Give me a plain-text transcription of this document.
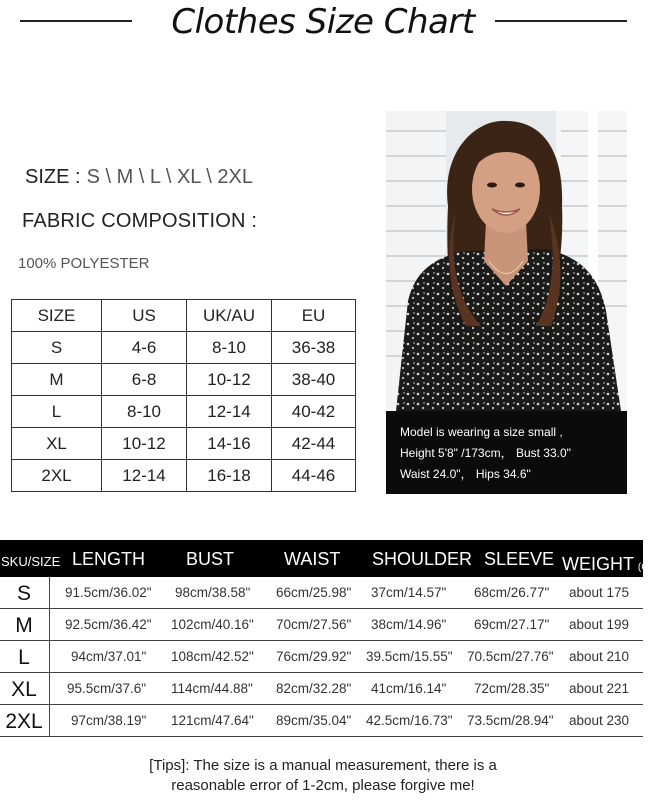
Clothes Size Chart
SIZE : S \ M \ L \ XL \ 2XL
FABRIC COMPOSITION :
100% POLYESTER
SIZE	US	UK/AU	EU
S	4-6	8-10	36-38
M	6-8	10-12	38-40
L	8-10	12-14	40-42
XL	10-12	14-16	42-44
2XL	12-14	16-18	44-46
Model is wearing a size small ,
Height 5'8" /173cm， Bust 33.0"
Waist 24.0"， Hips 34.6"
SKU/SIZE LENGTH BUST	WAIST SHOULDER SLEEVE WEIGHT (G)
S	91.5cm/36.02" 98cm/38.58" 66cm/25.98" 37cm/14.57" 68cm/26.77" about 175
M	92.5cm/36.42" 102cm/40.16" 70cm/27.56" 38cm/14.96" 69cm/27.17" about 199
L	94cm/37.01" 108cm/42.52" 76cm/29.92" 39.5cm/15.55" 70.5cm/27.76" about 210
XL	95.5cm/37.6" 114cm/44.88" 82cm/32.28" 41cm/16.14" 72cm/28.35" about 221
2XL	97cm/38.19" 121cm/47.64" 89cm/35.04" 42.5cm/16.73" 73.5cm/28.94" about 230
[Tips]: The size is a manual measurement, there is a
reasonable error of 1-2cm, please forgive me!
